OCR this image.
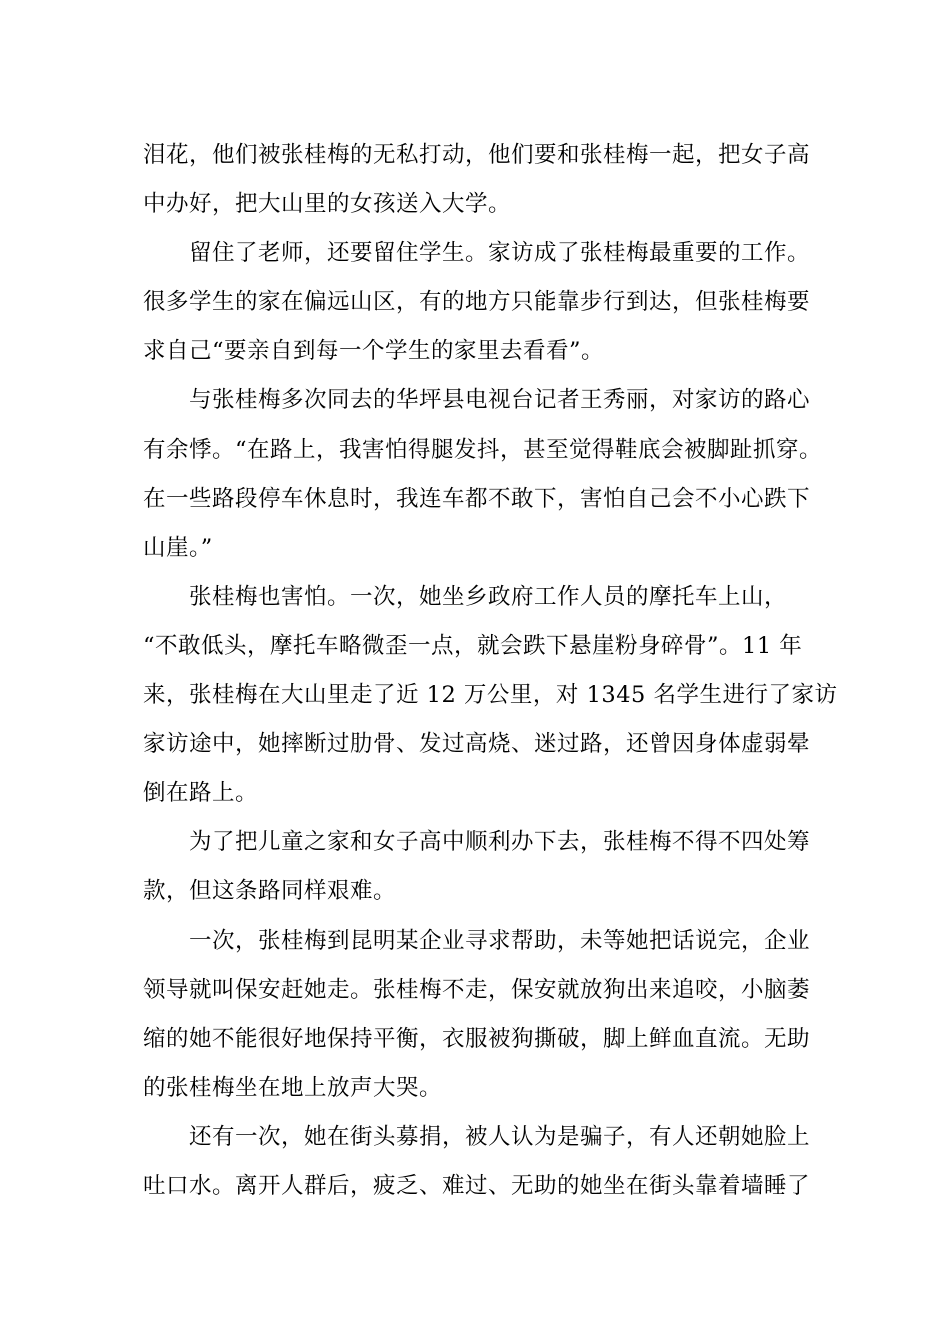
泪花，他们被张桂梅的无私打动，他们要和张桂梅一起，把女子高
中办好，把大山里的女孩送入大学。
留住了老师，还要留住学生。家访成了张桂梅最重要的工作。
很多学生的家在偏远山区，有的地方只能靠步行到达，但张桂梅要
求自己“要亲自到每一个学生的家里去看看”。
与张桂梅多次同去的华坪县电视台记者王秀丽，对家访的路心
有余悸。“在路上，我害怕得腿发抖，甚至觉得鞋底会被脚趾抓穿。
在一些路段停车休息时，我连车都不敢下，害怕自己会不小心跌下
山崖。”
张桂梅也害怕。一次，她坐乡政府工作人员的摩托车上山，
“不敢低头，摩托车略微歪一点，就会跌下悬崖粉身碎骨”。11 年
来，张桂梅在大山里走了近 12 万公里，对 1345 名学生进行了家访
家访途中，她摔断过肋骨、发过高烧、迷过路，还曾因身体虚弱晕
倒在路上。
为了把儿童之家和女子高中顺利办下去，张桂梅不得不四处筹
款，但这条路同样艰难。
一次，张桂梅到昆明某企业寻求帮助，未等她把话说完，企业
领导就叫保安赶她走。张桂梅不走，保安就放狗出来追咬，小脑萎
缩的她不能很好地保持平衡，衣服被狗撕破，脚上鲜血直流。无助
的张桂梅坐在地上放声大哭。
还有一次，她在街头募捐，被人认为是骗子，有人还朝她脸上
吐口水。离开人群后，疲乏、难过、无助的她坐在街头靠着墙睡了
